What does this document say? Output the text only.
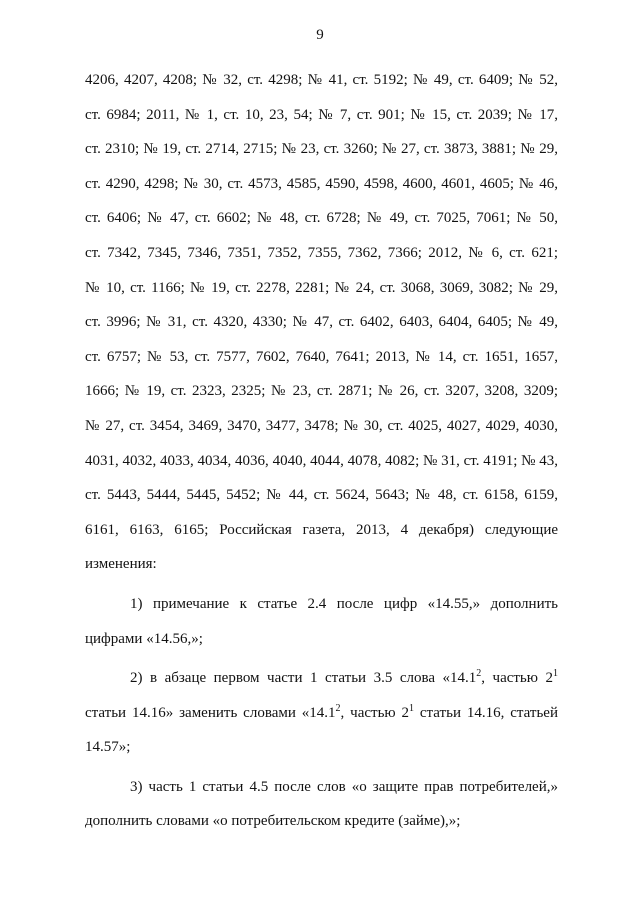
9
4206, 4207, 4208; № 32, ст. 4298; № 41, ст. 5192; № 49, ст. 6409; № 52,
ст. 6984; 2011, № 1, ст. 10, 23, 54; № 7, ст. 901; № 15, ст. 2039; № 17,
ст. 2310; № 19, ст. 2714, 2715; № 23, ст. 3260; № 27, ст. 3873, 3881; № 29,
ст. 4290, 4298; № 30, ст. 4573, 4585, 4590, 4598, 4600, 4601, 4605; № 46,
ст. 6406; № 47, ст. 6602; № 48, ст. 6728; № 49, ст. 7025, 7061; № 50,
ст. 7342, 7345, 7346, 7351, 7352, 7355, 7362, 7366; 2012, № 6, ст. 621;
№ 10, ст. 1166; № 19, ст. 2278, 2281; № 24, ст. 3068, 3069, 3082; № 29,
ст. 3996; № 31, ст. 4320, 4330; № 47, ст. 6402, 6403, 6404, 6405; № 49,
ст. 6757; № 53, ст. 7577, 7602, 7640, 7641; 2013, № 14, ст. 1651, 1657,
1666; № 19, ст. 2323, 2325; № 23, ст. 2871; № 26, ст. 3207, 3208, 3209;
№ 27, ст. 3454, 3469, 3470, 3477, 3478; № 30, ст. 4025, 4027, 4029, 4030,
4031, 4032, 4033, 4034, 4036, 4040, 4044, 4078, 4082; № 31, ст. 4191; № 43,
ст. 5443, 5444, 5445, 5452; № 44, ст. 5624, 5643; № 48, ст. 6158, 6159,
6161, 6163, 6165; Российская газета, 2013, 4 декабря) следующие
изменения:
1) примечание к статье 2.4 после цифр «14.55,» дополнить
цифрами «14.56,»;
2) в абзаце первом части 1 статьи 3.5 слова «14.1$^2$, частью $2^1$
статьи 14.16» заменить словами «14.1$^2$, частью $2^1$ статьи 14.16, статьей
14.57»;
3) часть 1 статьи 4.5 после слов «о защите прав потребителей,»
дополнить словами «о потребительском кредите (займе),»;
